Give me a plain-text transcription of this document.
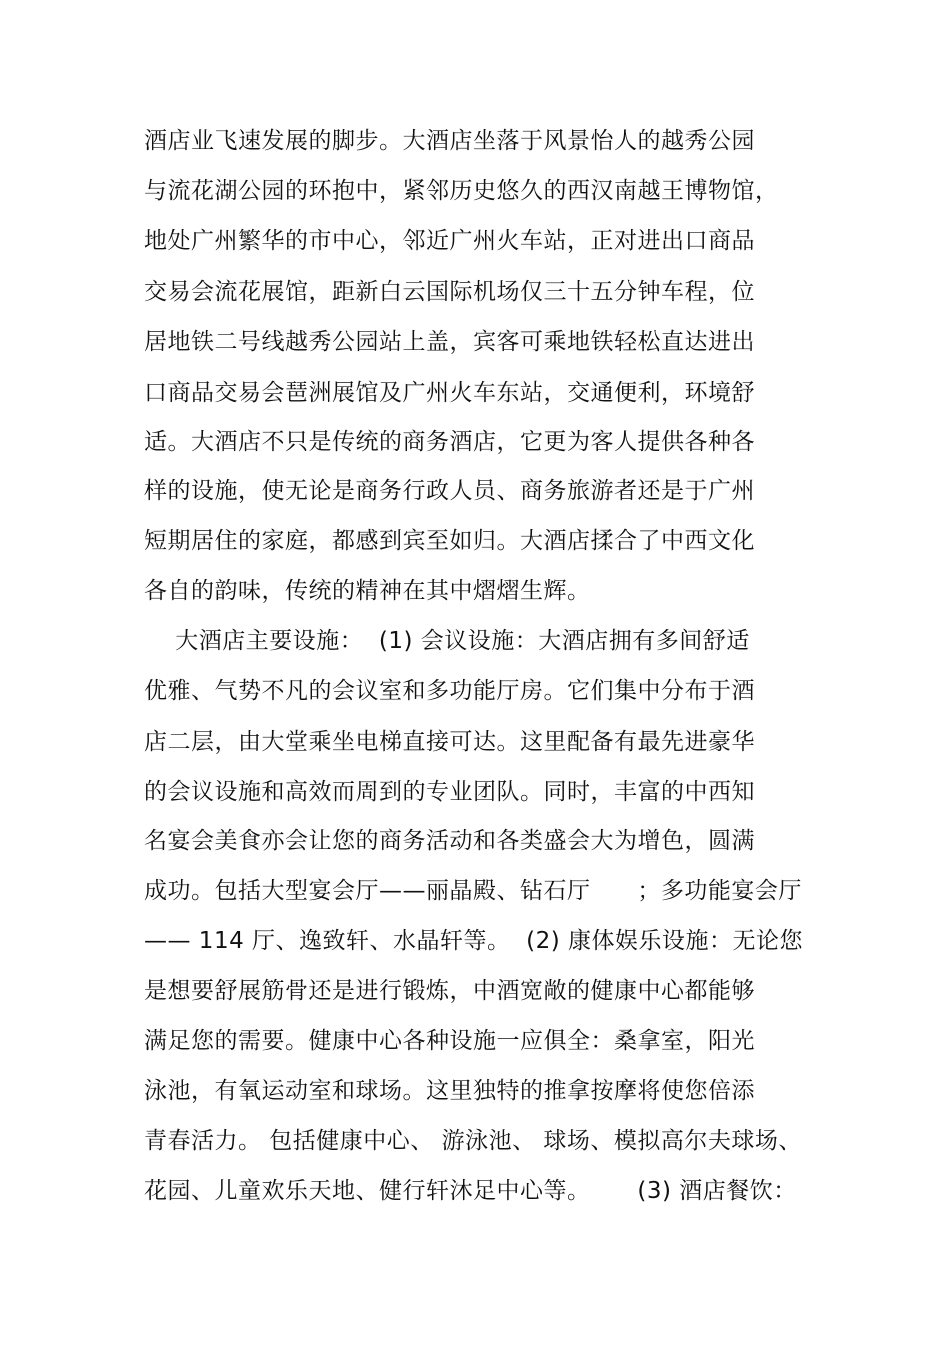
酒店业飞速发展的脚步。大酒店坐落于风景怡人的越秀公园
与流花湖公园的环抱中，紧邻历史悠久的西汉南越王博物馆，
地处广州繁华的市中心，邻近广州火车站，正对进出口商品
交易会流花展馆，距新白云国际机场仅三十五分钟车程，位
居地铁二号线越秀公园站上盖，宾客可乘地铁轻松直达进出
口商品交易会琶洲展馆及广州火车东站，交通便利，环境舒
适。大酒店不只是传统的商务酒店，它更为客人提供各种各
样的设施，使无论是商务行政人员、商务旅游者还是于广州
短期居住的家庭，都感到宾至如归。大酒店揉合了中西文化
各自的韵味，传统的精神在其中熠熠生辉。
大酒店主要设施：  (1) 会议设施：大酒店拥有多间舒适
优雅、气势不凡的会议室和多功能厅房。它们集中分布于酒
店二层，由大堂乘坐电梯直接可达。这里配备有最先进豪华
的会议设施和高效而周到的专业团队。同时，丰富的中西知
名宴会美食亦会让您的商务活动和各类盛会大为增色，圆满
成功。包括大型宴会厅——丽晶殿、钻石厅      ；多功能宴会厅
—— 114 厅、逸致轩、水晶轩等。  (2) 康体娱乐设施：无论您
是想要舒展筋骨还是进行锻炼，中酒宽敞的健康中心都能够
满足您的需要。健康中心各种设施一应俱全：桑拿室，阳光
泳池，有氧运动室和球场。这里独特的推拿按摩将使您倍添
青春活力。 包括健康中心、 游泳池、 球场、模拟高尔夫球场、
花园、儿童欢乐天地、健行轩沐足中心等。      (3) 酒店餐饮：
